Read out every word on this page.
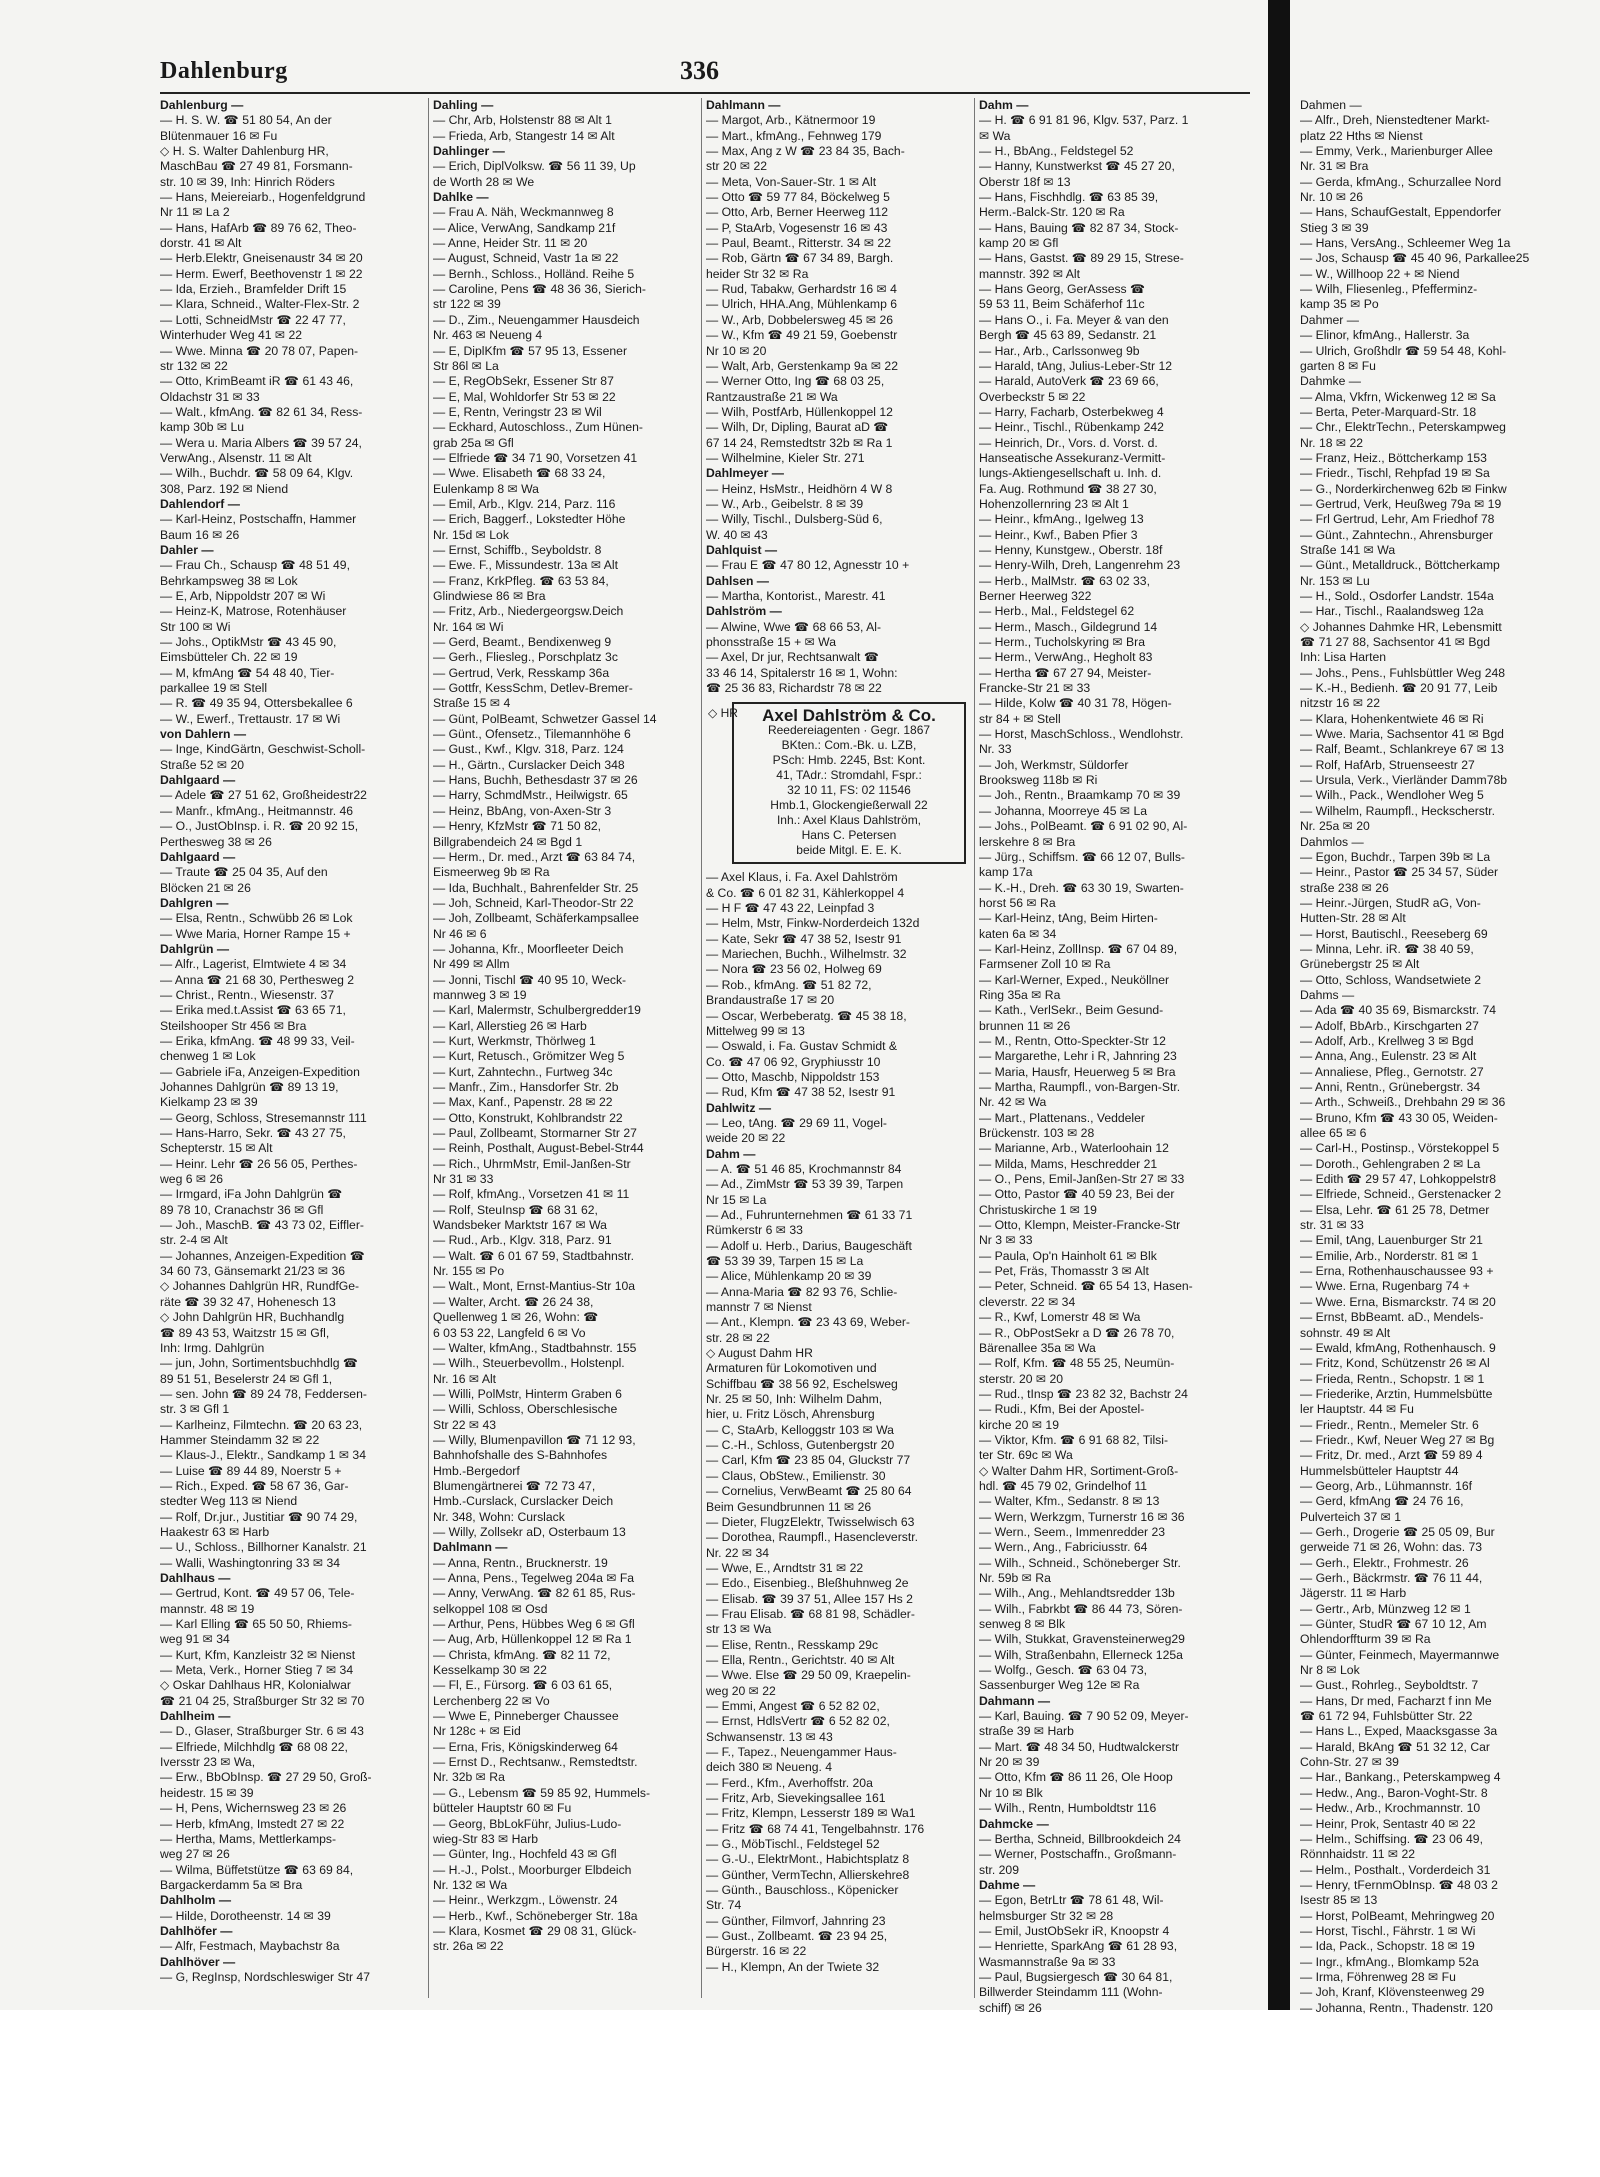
Dahlenburg	336
Dahlenburg —
— H. S. W. ☎ 51 80 54, An der
Blütenmauer 16 ✉ Fu
◇ H. S. Walter Dahlenburg HR,
MaschBau ☎ 27 49 81, Forsmann-
str. 10 ✉ 39, Inh: Hinrich Röders
— Hans, Meiereiarb., Hogenfeldgrund
Nr 11 ✉ La 2
— Hans, HafArb ☎ 89 76 62, Theo-
dorstr. 41 ✉ Alt
— Herb.Elektr, Gneisenaustr 34 ✉ 20
— Herm. Ewerf, Beethovenstr 1 ✉ 22
— Ida, Erzieh., Bramfelder Drift 15
— Klara, Schneid., Walter-Flex-Str. 2
— Lotti, SchneidMstr ☎ 22 47 77,
Winterhuder Weg 41 ✉ 22
— Wwe. Minna ☎ 20 78 07, Papen-
str 132 ✉ 22
— Otto, KrimBeamt iR ☎ 61 43 46,
Oldachstr 31 ✉ 33
— Walt., kfmAng. ☎ 82 61 34, Ress-
kamp 30b ✉ Lu
— Wera u. Maria Albers ☎ 39 57 24,
VerwAng., Alsenstr. 11 ✉ Alt
— Wilh., Buchdr. ☎ 58 09 64, Klgv.
308, Parz. 192 ✉ Niend
Dahlendorf —
— Karl-Heinz, Postschaffn, Hammer
Baum 16 ✉ 26
Dahler —
— Frau Ch., Schausp ☎ 48 51 49,
Behrkampsweg 38 ✉ Lok
— E, Arb, Nippoldstr 207 ✉ Wi
— Heinz-K, Matrose, Rotenhäuser
Str 100 ✉ Wi
— Johs., OptikMstr ☎ 43 45 90,
Eimsbütteler Ch. 22 ✉ 19
— M, kfmAng ☎ 54 48 40, Tier-
parkallee 19 ✉ Stell
— R. ☎ 49 35 94, Ottersbekallee 6
— W., Ewerf., Trettaustr. 17 ✉ Wi
von Dahlern —
— Inge, KindGärtn, Geschwist-Scholl-
Straße 52 ✉ 20
Dahlgaard —
— Adele ☎ 27 51 62, Großheidestr22
— Manfr., kfmAng., Heitmannstr. 46
— O., JustObInsp. i. R. ☎ 20 92 15,
Perthesweg 38 ✉ 26
Dahlgaard —
— Traute ☎ 25 04 35, Auf den
Blöcken 21 ✉ 26
Dahlgren —
— Elsa, Rentn., Schwübb 26 ✉ Lok
— Wwe Maria, Horner Rampe 15 +
Dahlgrün —
— Alfr., Lagerist, Elmtwiete 4 ✉ 34
— Anna ☎ 21 68 30, Perthesweg 2
— Christ., Rentn., Wiesenstr. 37
— Erika med.t.Assist ☎ 63 65 71,
Steilshooper Str 456 ✉ Bra
— Erika, kfmAng. ☎ 48 99 33, Veil-
chenweg 1 ✉ Lok
— Gabriele iFa, Anzeigen-Expedition
Johannes Dahlgrün ☎ 89 13 19,
Kielkamp 23 ✉ 39
— Georg, Schloss, Stresemannstr 111
— Hans-Harro, Sekr. ☎ 43 27 75,
Schepterstr. 15 ✉ Alt
— Heinr. Lehr ☎ 26 56 05, Perthes-
weg 6 ✉ 26
— Irmgard, iFa John Dahlgrün ☎
89 78 10, Cranachstr 36 ✉ Gfl
— Joh., MaschB. ☎ 43 73 02, Eiffler-
str. 2-4 ✉ Alt
— Johannes, Anzeigen-Expedition ☎
34 60 73, Gänsemarkt 21/23 ✉ 36
◇ Johannes Dahlgrün HR, RundfGe-
räte ☎ 39 32 47, Hohenesch 13
◇ John Dahlgrün HR, Buchhandlg
☎ 89 43 53, Waitzstr 15 ✉ Gfl,
Inh: Irmg. Dahlgrün
— jun, John, Sortimentsbuchhdlg ☎
89 51 51, Beselerstr 24 ✉ Gfl 1,
— sen. John ☎ 89 24 78, Feddersen-
str. 3 ✉ Gfl 1
— Karlheinz, Filmtechn. ☎ 20 63 23,
Hammer Steindamm 32 ✉ 22
— Klaus-J., Elektr., Sandkamp 1 ✉ 34
— Luise ☎ 89 44 89, Noerstr 5 +
— Rich., Exped. ☎ 58 67 36, Gar-
stedter Weg 113 ✉ Niend
— Rolf, Dr.jur., Justitiar ☎ 90 74 29,
Haakestr 63 ✉ Harb
— U., Schloss., Billhorner Kanalstr. 21
— Walli, Washingtonring 33 ✉ 34
Dahlhaus —
— Gertrud, Kont. ☎ 49 57 06, Tele-
mannstr. 48 ✉ 19
— Karl Elling ☎ 65 50 50, Rhiems-
weg 91 ✉ 34
— Kurt, Kfm, Kanzleistr 32 ✉ Nienst
— Meta, Verk., Horner Stieg 7 ✉ 34
◇ Oskar Dahlhaus HR, Kolonialwar
☎ 21 04 25, Straßburger Str 32 ✉ 70
Dahlheim —
— D., Glaser, Straßburger Str. 6 ✉ 43
— Elfriede, Milchhdlg ☎ 68 08 22,
Iversstr 23 ✉ Wa,
— Erw., BbObInsp. ☎ 27 29 50, Groß-
heidestr. 15 ✉ 39
— H, Pens, Wichernsweg 23 ✉ 26
— Herb, kfmAng, Imstedt 27 ✉ 22
— Hertha, Mams, Mettlerkamps-
weg 27 ✉ 26
— Wilma, Büffetstütze ☎ 63 69 84,
Bargackerdamm 5a ✉ Bra
Dahlholm —
— Hilde, Dorotheenstr. 14 ✉ 39
Dahlhöfer —
— Alfr, Festmach, Maybachstr 8a
Dahlhöver —
— G, RegInsp, Nordschleswiger Str 47
Dahling —
— Chr, Arb, Holstenstr 88 ✉ Alt 1
— Frieda, Arb, Stangestr 14 ✉ Alt
Dahlinger —
— Erich, DiplVolksw. ☎ 56 11 39, Up
de Worth 28 ✉ We
Dahlke —
— Frau A. Näh, Weckmannweg 8
— Alice, VerwAng, Sandkamp 21f
— Anne, Heider Str. 11 ✉ 20
— August, Schneid, Vastr 1a ✉ 22
— Bernh., Schloss., Holländ. Reihe 5
— Caroline, Pens ☎ 48 36 36, Sierich-
str 122 ✉ 39
— D., Zim., Neuengammer Hausdeich
Nr. 463 ✉ Neueng 4
— E, DiplKfm ☎ 57 95 13, Essener
Str 86l ✉ La
— E, RegObSekr, Essener Str 87
— E, Mal, Wohldorfer Str 53 ✉ 22
— E, Rentn, Veringstr 23 ✉ Wil
— Eckhard, Autoschloss., Zum Hünen-
grab 25a ✉ Gfl
— Elfriede ☎ 34 71 90, Vorsetzen 41
— Wwe. Elisabeth ☎ 68 33 24,
Eulenkamp 8 ✉ Wa
— Emil, Arb., Klgv. 214, Parz. 116
— Erich, Baggerf., Lokstedter Höhe
Nr. 15d ✉ Lok
— Ernst, Schiffb., Seyboldstr. 8
— Ewe. F., Missundestr. 13a ✉ Alt
— Franz, KrkPfleg. ☎ 63 53 84,
Glindwiese 86 ✉ Bra
— Fritz, Arb., Niedergeorgsw.Deich
Nr. 164 ✉ Wi
— Gerd, Beamt., Bendixenweg 9
— Gerh., Fliesleg., Porschplatz 3c
— Gertrud, Verk, Resskamp 36a
— Gottfr, KessSchm, Detlev-Bremer-
Straße 15 ✉ 4
— Günt, PolBeamt, Schwetzer Gassel 14
— Günt., Ofensetz., Tilemannhöhe 6
— Gust., Kwf., Klgv. 318, Parz. 124
— H., Gärtn., Curslacker Deich 348
— Hans, Buchh, Bethesdastr 37 ✉ 26
— Harry, SchmdMstr., Heilwigstr. 65
— Heinz, BbAng, von-Axen-Str 3
— Henry, KfzMstr ☎ 71 50 82,
Billgrabendeich 24 ✉ Bgd 1
— Herm., Dr. med., Arzt ☎ 63 84 74,
Eismeerweg 9b ✉ Ra
— Ida, Buchhalt., Bahrenfelder Str. 25
— Joh, Schneid, Karl-Theodor-Str 22
— Joh, Zollbeamt, Schäferkampsallee
Nr 46 ✉ 6
— Johanna, Kfr., Moorfleeter Deich
Nr 499 ✉ Allm
— Jonni, Tischl ☎ 40 95 10, Weck-
mannweg 3 ✉ 19
— Karl, Malermstr, Schulbergredder19
— Karl, Allerstieg 26 ✉ Harb
— Kurt, Werkmstr, Thörlweg 1
— Kurt, Retusch., Grömitzer Weg 5
— Kurt, Zahntechn., Furtweg 34c
— Manfr., Zim., Hansdorfer Str. 2b
— Max, Kanf., Papenstr. 28 ✉ 22
— Otto, Konstrukt, Kohlbrandstr 22
— Paul, Zollbeamt, Stormarner Str 27
— Reinh, Posthalt, August-Bebel-Str44
— Rich., UhrmMstr, Emil-Janßen-Str
Nr 31 ✉ 33
— Rolf, kfmAng., Vorsetzen 41 ✉ 11
— Rolf, SteuInsp ☎ 68 31 62,
Wandsbeker Marktstr 167 ✉ Wa
— Rud., Arb., Klgv. 318, Parz. 91
— Walt. ☎ 6 01 67 59, Stadtbahnstr.
Nr. 155 ✉ Po
— Walt., Mont, Ernst-Mantius-Str 10a
— Walter, Archt. ☎ 26 24 38,
Quellenweg 1 ✉ 26, Wohn: ☎
6 03 53 22, Langfeld 6 ✉ Vo
— Walter, kfmAng., Stadtbahnstr. 155
— Wilh., Steuerbevollm., Holstenpl.
Nr. 16 ✉ Alt
— Willi, PolMstr, Hinterm Graben 6
— Willi, Schloss, Oberschlesische
Str 22 ✉ 43
— Willy, Blumenpavillon ☎ 71 12 93,
Bahnhofshalle des S-Bahnhofes
Hmb.-Bergedorf
Blumengärtnerei ☎ 72 73 47,
Hmb.-Curslack, Curslacker Deich
Nr. 348, Wohn: Curslack
— Willy, Zollsekr aD, Osterbaum 13
Dahlmann —
— Anna, Rentn., Brucknerstr. 19
— Anna, Pens., Tegelweg 204a ✉ Fa
— Anny, VerwAng. ☎ 82 61 85, Rus-
selkoppel 108 ✉ Osd
— Arthur, Pens, Hübbes Weg 6 ✉ Gfl
— Aug, Arb, Hüllenkoppel 12 ✉ Ra 1
— Christa, kfmAng. ☎ 82 11 72,
Kesselkamp 30 ✉ 22
— Fl, E., Fürsorg. ☎ 6 03 61 65,
Lerchenberg 22 ✉ Vo
— Wwe E, Pinneberger Chaussee
Nr 128c + ✉ Eid
— Erna, Fris, Königskinderweg 64
— Ernst D., Rechtsanw., Remstedtstr.
Nr. 32b ✉ Ra
— G., Lebensm ☎ 59 85 92, Hummels-
bütteler Hauptstr 60 ✉ Fu
— Georg, BbLokFühr, Julius-Ludo-
wieg-Str 83 ✉ Harb
— Günter, Ing., Hochfeld 43 ✉ Gfl
— H.-J., Polst., Moorburger Elbdeich
Nr. 132 ✉ Wa
— Heinr., Werkzgm., Löwenstr. 24
— Herb., Kwf., Schöneberger Str. 18a
— Klara, Kosmet ☎ 29 08 31, Glück-
str. 26a ✉ 22
Dahlmann —
— Margot, Arb., Kätnermoor 19
— Mart., kfmAng., Fehnweg 179
— Max, Ang z W ☎ 23 84 35, Bach-
str 20 ✉ 22
— Meta, Von-Sauer-Str. 1 ✉ Alt
— Otto ☎ 59 77 84, Böckelweg 5
— Otto, Arb, Berner Heerweg 112
— P, StaArb, Vogesenstr 16 ✉ 43
— Paul, Beamt., Ritterstr. 34 ✉ 22
— Rob, Gärtn ☎ 67 34 89, Bargh.
heider Str 32 ✉ Ra
— Rud, Tabakw, Gerhardstr 16 ✉ 4
— Ulrich, HHA.Ang, Mühlenkamp 6
— W., Arb, Dobbelersweg 45 ✉ 26
— W., Kfm ☎ 49 21 59, Goebenstr
Nr 10 ✉ 20
— Walt, Arb, Gerstenkamp 9a ✉ 22
— Werner Otto, Ing ☎ 68 03 25,
Rantzaustraße 21 ✉ Wa
— Wilh, PostfArb, Hüllenkoppel 12
— Wilh, Dr, Dipling, Baurat aD ☎
67 14 24, Remstedtstr 32b ✉ Ra 1
— Wilhelmine, Kieler Str. 271
Dahlmeyer —
— Heinz, HsMstr., Heidhörn 4 W 8
— W., Arb., Geibelstr. 8 ✉ 39
— Willy, Tischl., Dulsberg-Süd 6,
W. 40 ✉ 43
Dahlquist —
— Frau E ☎ 47 80 12, Agnesstr 10 +
Dahlsen —
— Martha, Kontorist., Marestr. 41
Dahlström —
— Alwine, Wwe ☎ 68 66 53, Al-
phonsstraße 15 + ✉ Wa
— Axel, Dr jur, Rechtsanwalt ☎
33 46 14, Spitalerstr 16 ✉ 1, Wohn:
☎ 25 36 83, Richardstr 78 ✉ 22
◇ HR	Axel Dahlström & Co.
Reedereiagenten · Gegr. 1867
BKten.: Com.-Bk. u. LZB,
PSch: Hmb. 2245, Bst: Kont.
41, TAdr.: Stromdahl, Fspr.:
32 10 11, FS: 02 11546
Hmb.1, Glockengießerwall 22
Inh.: Axel Klaus Dahlström,
Hans C. Petersen
beide Mitgl. E. E. K.
— Axel Klaus, i. Fa. Axel Dahlström
& Co. ☎ 6 01 82 31, Kählerkoppel 4
— H F ☎ 47 43 22, Leinpfad 3
— Helm, Mstr, Finkw-Norderdeich 132d
— Kate, Sekr ☎ 47 38 52, Isestr 91
— Mariechen, Buchh., Wilhelmstr. 32
— Nora ☎ 23 56 02, Holweg 69
— Rob., kfmAng. ☎ 51 82 72,
Brandaustraße 17 ✉ 20
— Oscar, Werbeberatg. ☎ 45 38 18,
Mittelweg 99 ✉ 13
— Oswald, i. Fa. Gustav Schmidt &
Co. ☎ 47 06 92, Gryphiusstr 10
— Otto, Maschb, Nippoldstr 153
— Rud, Kfm ☎ 47 38 52, Isestr 91
Dahlwitz —
— Leo, tAng. ☎ 29 69 11, Vogel-
weide 20 ✉ 22
Dahm —
— A. ☎ 51 46 85, Krochmannstr 84
— Ad., ZimMstr ☎ 53 39 39, Tarpen
Nr 15 ✉ La
— Ad., Fuhrunternehmen ☎ 61 33 71
Rümkerstr 6 ✉ 33
— Adolf u. Herb., Darius, Baugeschäft
☎ 53 39 39, Tarpen 15 ✉ La
— Alice, Mühlenkamp 20 ✉ 39
— Anna-Maria ☎ 82 93 76, Schlie-
mannstr 7 ✉ Nienst
— Ant., Klempn. ☎ 23 43 69, Weber-
str. 28 ✉ 22
◇ August Dahm HR
Armaturen für Lokomotiven und
Schiffbau ☎ 38 56 92, Eschelsweg
Nr. 25 ✉ 50, Inh: Wilhelm Dahm,
hier, u. Fritz Lösch, Ahrensburg
— C, StaArb, Kelloggstr 103 ✉ Wa
— C.-H., Schloss, Gutenbergstr 20
— Carl, Kfm ☎ 23 85 04, Gluckstr 77
— Claus, ObStew., Emilienstr. 30
— Cornelius, VerwBeamt ☎ 25 80 64
Beim Gesundbrunnen 11 ✉ 26
— Dieter, FlugzElektr, Twisselwisch 63
— Dorothea, Raumpfl., Hasencleverstr.
Nr. 22 ✉ 34
— Wwe, E., Arndtstr 31 ✉ 22
— Edo., Eisenbieg., Bleßhuhnweg 2e
— Elisab. ☎ 39 37 51, Allee 157 Hs 2
— Frau Elisab. ☎ 68 81 98, Schädler-
str 13 ✉ Wa
— Elise, Rentn., Resskamp 29c
— Ella, Rentn., Gerichtstr. 40 ✉ Alt
— Wwe. Else ☎ 29 50 09, Kraepelin-
weg 20 ✉ 22
— Emmi, Angest ☎ 6 52 82 02,
— Ernst, HdlsVertr ☎ 6 52 82 02,
Schwansenstr. 13 ✉ 43
— F., Tapez., Neuengammer Haus-
deich 380 ✉ Neueng. 4
— Ferd., Kfm., Averhoffstr. 20a
— Fritz, Arb, Sievekingsallee 161
— Fritz, Klempn, Lesserstr 189 ✉ Wa1
— Fritz ☎ 68 74 41, Tengelbahnstr. 176
— G., MöbTischl., Feldstegel 52
— G.-U., ElektrMont., Habichtsplatz 8
— Günther, VermTechn, Allierskehre8
— Günth., Bauschloss., Köpenicker
Str. 74
— Günther, Filmvorf, Jahnring 23
— Gust., Zollbeamt. ☎ 23 94 25,
Bürgerstr. 16 ✉ 22
— H., Klempn, An der Twiete 32
Dahm —
— H. ☎ 6 91 81 96, Klgv. 537, Parz. 1
✉ Wa
— H., BbAng., Feldstegel 52
— Hanny, Kunstwerkst ☎ 45 27 20,
Oberstr 18f ✉ 13
— Hans, Fischhdlg. ☎ 63 85 39,
Herm.-Balck-Str. 120 ✉ Ra
— Hans, Bauing ☎ 82 87 34, Stock-
kamp 20 ✉ Gfl
— Hans, Gastst. ☎ 89 29 15, Strese-
mannstr. 392 ✉ Alt
— Hans Georg, GerAssess ☎
59 53 11, Beim Schäferhof 11c
— Hans O., i. Fa. Meyer & van den
Bergh ☎ 45 63 89, Sedanstr. 21
— Har., Arb., Carlssonweg 9b
— Harald, tAng, Julius-Leber-Str 12
— Harald, AutoVerk ☎ 23 69 66,
Overbeckstr 5 ✉ 22
— Harry, Facharb, Osterbekweg 4
— Heinr., Tischl., Rübenkamp 242
— Heinrich, Dr., Vors. d. Vorst. d.
Hanseatische Assekuranz-Vermitt-
lungs-Aktiengesellschaft u. Inh. d.
Fa. Aug. Rothmund ☎ 38 27 30,
Hohenzollernring 23 ✉ Alt 1
— Heinr., kfmAng., Igelweg 13
— Heinr., Kwf., Baben Pfier 3
— Henny, Kunstgew., Oberstr. 18f
— Henry-Wilh, Dreh, Langenrehm 23
— Herb., MalMstr. ☎ 63 02 33,
Berner Heerweg 322
— Herb., Mal., Feldstegel 62
— Herm., Masch., Gildegrund 14
— Herm., Tucholskyring ✉ Bra
— Herm., VerwAng., Hegholt 83
— Hertha ☎ 67 27 94, Meister-
Francke-Str 21 ✉ 33
— Hilde, Kolw ☎ 40 31 78, Högen-
str 84 + ✉ Stell
— Horst, MaschSchloss., Wendlohstr.
Nr. 33
— Joh, Werkmstr, Süldorfer
Brooksweg 118b ✉ Ri
— Joh., Rentn., Braamkamp 70 ✉ 39
— Johanna, Moorreye 45 ✉ La
— Johs., PolBeamt. ☎ 6 91 02 90, Al-
lerskehre 8 ✉ Bra
— Jürg., Schiffsm. ☎ 66 12 07, Bulls-
kamp 17a
— K.-H., Dreh. ☎ 63 30 19, Swarten-
horst 56 ✉ Ra
— Karl-Heinz, tAng, Beim Hirten-
katen 6a ✉ 34
— Karl-Heinz, ZollInsp. ☎ 67 04 89,
Farmsener Zoll 10 ✉ Ra
— Karl-Werner, Exped., Neuköllner
Ring 35a ✉ Ra
— Kath., VerlSekr., Beim Gesund-
brunnen 11 ✉ 26
— M., Rentn, Otto-Speckter-Str 12
— Margarethe, Lehr i R, Jahnring 23
— Maria, Hausfr, Heuerweg 5 ✉ Bra
— Martha, Raumpfl., von-Bargen-Str.
Nr. 42 ✉ Wa
— Mart., Plattenans., Veddeler
Brückenstr. 103 ✉ 28
— Marianne, Arb., Waterloohain 12
— Milda, Mams, Heschredder 21
— O., Pens, Emil-Janßen-Str 27 ✉ 33
— Otto, Pastor ☎ 40 59 23, Bei der
Christuskirche 1 ✉ 19
— Otto, Klempn, Meister-Francke-Str
Nr 3 ✉ 33
— Paula, Op'n Hainholt 61 ✉ Blk
— Pet, Fräs, Thomasstr 3 ✉ Alt
— Peter, Schneid. ☎ 65 54 13, Hasen-
cleverstr. 22 ✉ 34
— R., Kwf, Lomerstr 48 ✉ Wa
— R., ObPostSekr a D ☎ 26 78 70,
Bärenallee 35a ✉ Wa
— Rolf, Kfm. ☎ 48 55 25, Neumün-
sterstr. 20 ✉ 20
— Rud., tInsp ☎ 23 82 32, Bachstr 24
— Rudi., Kfm, Bei der Apostel-
kirche 20 ✉ 19
— Viktor, Kfm. ☎ 6 91 68 82, Tilsi-
ter Str. 69c ✉ Wa
◇ Walter Dahm HR, Sortiment-Groß-
hdl. ☎ 45 79 02, Grindelhof 11
— Walter, Kfm., Sedanstr. 8 ✉ 13
— Wern, Werkzgm, Turnerstr 16 ✉ 36
— Wern., Seem., Immenredder 23
— Wern., Ang., Fabriciusstr. 64
— Wilh., Schneid., Schöneberger Str.
Nr. 59b ✉ Ra
— Wilh., Ang., Mehlandtsredder 13b
— Wilh., Fabrkbt ☎ 86 44 73, Sören-
senweg 8 ✉ Blk
— Wilh, Stukkat, Gravensteinerweg29
— Wilh, Straßenbahn, Ellerneck 125a
— Wolfg., Gesch. ☎ 63 04 73,
Sassenburger Weg 12e ✉ Ra
Dahmann —
— Karl, Bauing. ☎ 7 90 52 09, Meyer-
straße 39 ✉ Harb
— Mart. ☎ 48 34 50, Hudtwalckerstr
Nr 20 ✉ 39
— Otto, Kfm ☎ 86 11 26, Ole Hoop
Nr 10 ✉ Blk
— Wilh., Rentn, Humboldtstr 116
Dahmcke —
— Bertha, Schneid, Billbrookdeich 24
— Werner, Postschaffn., Großmann-
str. 209
Dahme —
— Egon, BetrLtr ☎ 78 61 48, Wil-
helmsburger Str 32 ✉ 28
— Emil, JustObSekr iR, Knoopstr 4
— Henriette, SparkAng ☎ 61 28 93,
Wasmannstraße 9a ✉ 33
— Paul, Bugsiergesch ☎ 30 64 81,
Billwerder Steindamm 111 (Wohn-
schiff) ✉ 26
Dahmen —
— Alfr., Dreh, Nienstedtener Markt-
platz 22 Hths ✉ Nienst
— Emmy, Verk., Marienburger Allee
Nr. 31 ✉ Bra
— Gerda, kfmAng., Schurzallee Nord
Nr. 10 ✉ 26
— Hans, SchaufGestalt, Eppendorfer
Stieg 3 ✉ 39
— Hans, VersAng., Schleemer Weg 1a
— Jos, Schausp ☎ 45 40 96, Parkallee25
— W., Willhoop 22 + ✉ Niend
— Wilh, Fliesenleg., Pfefferminz-
kamp 35 ✉ Po
Dahmer —
— Elinor, kfmAng., Hallerstr. 3a
— Ulrich, Großhdlr ☎ 59 54 48, Kohl-
garten 8 ✉ Fu
Dahmke —
— Alma, Vkfrn, Wickenweg 12 ✉ Sa
— Berta, Peter-Marquard-Str. 18
— Chr., ElektrTechn., Peterskampweg
Nr. 18 ✉ 22
— Franz, Heiz., Böttcherkamp 153
— Friedr., Tischl, Rehpfad 19 ✉ Sa
— G., Norderkirchenweg 62b ✉ Finkw
— Gertrud, Verk, Heußweg 79a ✉ 19
— Frl Gertrud, Lehr, Am Friedhof 78
— Günt., Zahntechn., Ahrensburger
Straße 141 ✉ Wa
— Günt., Metalldruck., Böttcherkamp
Nr. 153 ✉ Lu
— H., Sold., Osdorfer Landstr. 154a
— Har., Tischl., Raalandsweg 12a
◇ Johannes Dahmke HR, Lebensmitt
☎ 71 27 88, Sachsentor 41 ✉ Bgd
Inh: Lisa Harten
— Johs., Pens., Fuhlsbüttler Weg 248
— K.-H., Bedienh. ☎ 20 91 77, Leib
nitzstr 16 ✉ 22
— Klara, Hohenkentwiete 46 ✉ Ri
— Wwe. Maria, Sachsentor 41 ✉ Bgd
— Ralf, Beamt., Schlankreye 67 ✉ 13
— Rolf, HafArb, Struenseestr 27
— Ursula, Verk., Vierländer Damm78b
— Wilh., Pack., Wendloher Weg 5
— Wilhelm, Raumpfl., Heckscherstr.
Nr. 25a ✉ 20
Dahmlos —
— Egon, Buchdr., Tarpen 39b ✉ La
— Heinr., Pastor ☎ 25 34 57, Süder
straße 238 ✉ 26
— Heinr.-Jürgen, StudR aG, Von-
Hutten-Str. 28 ✉ Alt
— Horst, Bautischl., Reeseberg 69
— Minna, Lehr. iR. ☎ 38 40 59,
Grünebergstr 25 ✉ Alt
— Otto, Schloss, Wandsetwiete 2
Dahms —
— Ada ☎ 40 35 69, Bismarckstr. 74
— Adolf, BbArb., Kirschgarten 27
— Adolf, Arb., Krellweg 3 ✉ Bgd
— Anna, Ang., Eulenstr. 23 ✉ Alt
— Annaliese, Pfleg., Gernotstr. 27
— Anni, Rentn., Grünebergstr. 34
— Arth., Schweiß., Drehbahn 29 ✉ 36
— Bruno, Kfm ☎ 43 30 05, Weiden-
allee 65 ✉ 6
— Carl-H., Postinsp., Vörstekoppel 5
— Doroth., Gehlengraben 2 ✉ La
— Edith ☎ 29 57 47, Lohkoppelstr8
— Elfriede, Schneid., Gerstenacker 2
— Elsa, Lehr. ☎ 61 25 78, Detmer
str. 31 ✉ 33
— Emil, tAng, Lauenburger Str 21
— Emilie, Arb., Norderstr. 81 ✉ 1
— Erna, Rothenhauschaussee 93 +
— Wwe. Erna, Rugenbarg 74 +
— Wwe. Erna, Bismarckstr. 74 ✉ 20
— Ernst, BbBeamt. aD., Mendels-
sohnstr. 49 ✉ Alt
— Ewald, kfmAng, Rothenhausch. 9
— Fritz, Kond, Schützenstr 26 ✉ Al
— Frieda, Rentn., Schopstr. 1 ✉ 1
— Friederike, Arztin, Hummelsbütte
ler Hauptstr. 44 ✉ Fu
— Friedr., Rentn., Memeler Str. 6
— Friedr., Kwf, Neuer Weg 27 ✉ Bg
— Fritz, Dr. med., Arzt ☎ 59 89 4
Hummelsbütteler Hauptstr 44
— Georg, Arb., Lühmannstr. 16f
— Gerd, kfmAng ☎ 24 76 16,
Pulverteich 37 ✉ 1
— Gerh., Drogerie ☎ 25 05 09, Bur
gerweide 71 ✉ 26, Wohn: das. 73
— Gerh., Elektr., Frohmestr. 26
— Gerh., Bäckrmstr. ☎ 76 11 44,
Jägerstr. 11 ✉ Harb
— Gertr., Arb, Münzweg 12 ✉ 1
— Günter, StudR ☎ 67 10 12, Am
Ohlendorffturm 39 ✉ Ra
— Günter, Feinmech, Mayermannwe
Nr 8 ✉ Lok
— Gust., Rohrleg., Seyboldtstr. 7
— Hans, Dr med, Facharzt f inn Me
☎ 61 72 94, Fuhlsbütter Str. 22
— Hans L., Exped, Maacksgasse 3a
— Harald, BkAng ☎ 51 32 12, Car
Cohn-Str. 27 ✉ 39
— Har., Bankang., Peterskampweg 4
— Hedw., Ang., Baron-Voght-Str. 8
— Hedw., Arb., Krochmannstr. 10
— Heinr, Prok, Sentastr 40 ✉ 22
— Helm., Schiffsing. ☎ 23 06 49,
Rönnhaidstr. 11 ✉ 22
— Helm., Posthalt., Vorderdeich 31
— Henry, tFernmObInsp. ☎ 48 03 2
Isestr 85 ✉ 13
— Horst, PolBeamt, Mehringweg 20
— Horst, Tischl., Fährstr. 1 ✉ Wi
— Ida, Pack., Schopstr. 18 ✉ 19
— Ingr., kfmAng., Blomkamp 52a
— Irma, Föhrenweg 28 ✉ Fu
— Joh, Kranf, Klövensteenweg 29
— Johanna, Rentn., Thadenstr. 120
